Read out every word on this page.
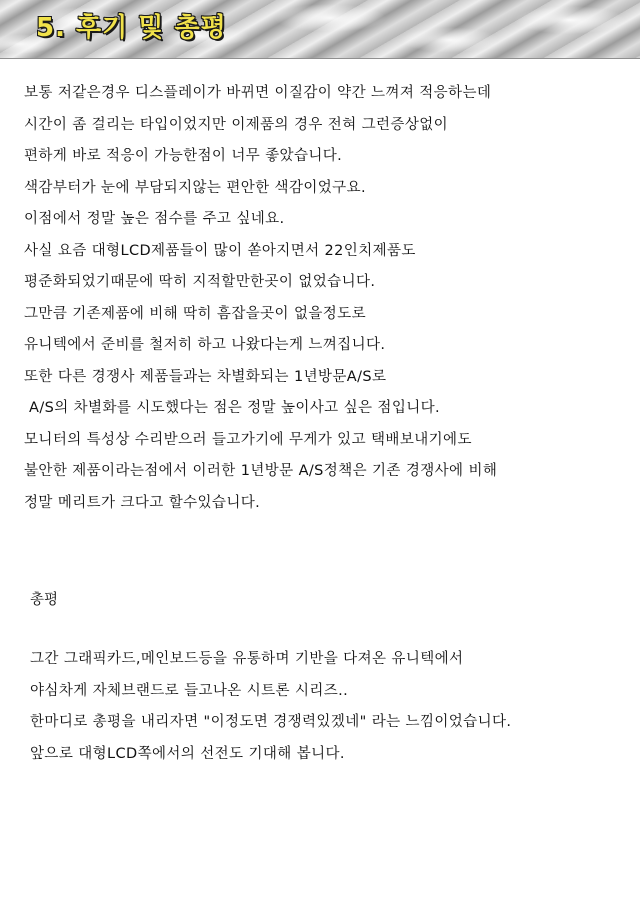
5. 후기 및 총평
보통 저같은경우 디스플레이가 바뀌면 이질감이 약간 느껴져 적응하는데
시간이 좀 걸리는 타입이었지만 이제품의 경우 전혀 그런증상없이
편하게 바로 적응이 가능한점이 너무 좋았습니다.
색감부터가 눈에 부담되지않는 편안한 색감이었구요.
이점에서 정말 높은 점수를 주고 싶네요.
사실 요즘 대형LCD제품들이 많이 쏟아지면서 22인치제품도
평준화되었기때문에 딱히 지적할만한곳이 없었습니다.
그만큼 기존제품에 비해 딱히 흠잡을곳이 없을정도로
유니텍에서 준비를 철저히 하고 나왔다는게 느껴집니다.
또한 다른 경쟁사 제품들과는 차별화되는 1년방문A/S로
A/S의 차별화를 시도했다는 점은 정말 높이사고 싶은 점입니다.
모니터의 특성상 수리받으러 들고가기에 무게가 있고 택배보내기에도
불안한 제품이라는점에서 이러한 1년방문 A/S정책은 기존 경쟁사에 비해
정말 메리트가 크다고 할수있습니다.
총평
그간 그래픽카드,메인보드등을 유통하며 기반을 다져온 유니텍에서
야심차게 자체브랜드로 들고나온 시트론 시리즈..
한마디로 총평을 내리자면 "이정도면 경쟁력있겠네" 라는 느낌이었습니다.
앞으로 대형LCD쪽에서의 선전도 기대해 봅니다.
